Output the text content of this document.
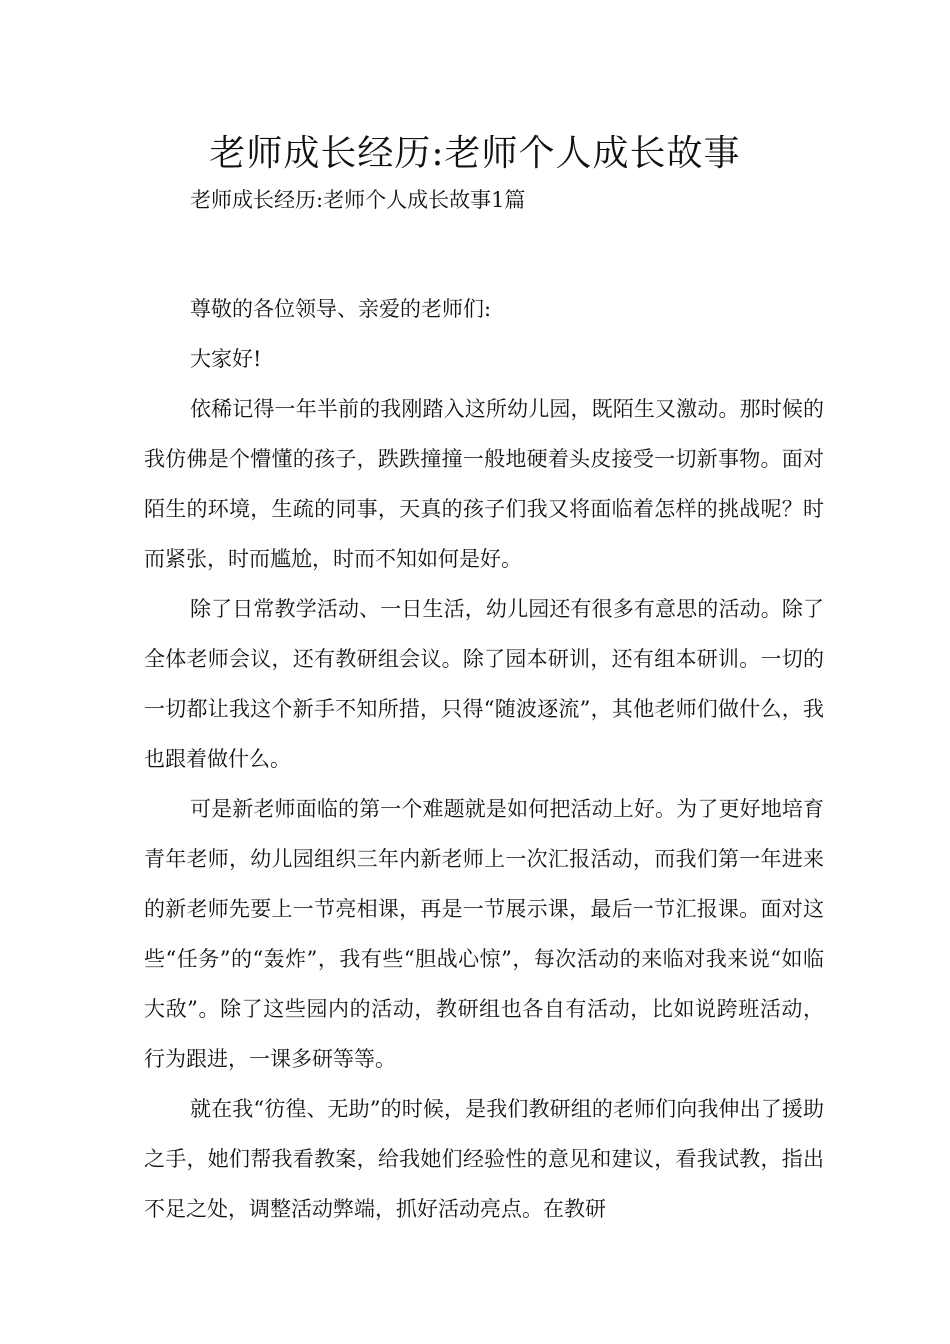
老师成长经历:老师个人成长故事

老师成长经历:老师个人成长故事1篇

尊敬的各位领导、亲爱的老师们:

大家好!

依稀记得一年半前的我刚踏入这所幼儿园，既陌生又激动。那时候的我仿佛是个懵懂的孩子，跌跌撞撞一般地硬着头皮接受一切新事物。面对陌生的环境，生疏的同事，天真的孩子们我又将面临着怎样的挑战呢？时而紧张，时而尴尬，时而不知如何是好。

除了日常教学活动、一日生活，幼儿园还有很多有意思的活动。除了全体老师会议，还有教研组会议。除了园本研训，还有组本研训。一切的一切都让我这个新手不知所措，只得“随波逐流”，其他老师们做什么，我也跟着做什么。

可是新老师面临的第一个难题就是如何把活动上好。为了更好地培育青年老师，幼儿园组织三年内新老师上一次汇报活动，而我们第一年进来的新老师先要上一节亮相课，再是一节展示课，最后一节汇报课。面对这些“任务”的“轰炸”，我有些“胆战心惊”，每次活动的来临对我来说“如临大敌”。除了这些园内的活动，教研组也各自有活动，比如说跨班活动，行为跟进，一课多研等等。

就在我“彷徨、无助”的时候，是我们教研组的老师们向我伸出了援助之手，她们帮我看教案，给我她们经验性的意见和建议，看我试教，指出不足之处，调整活动弊端，抓好活动亮点。在教研
